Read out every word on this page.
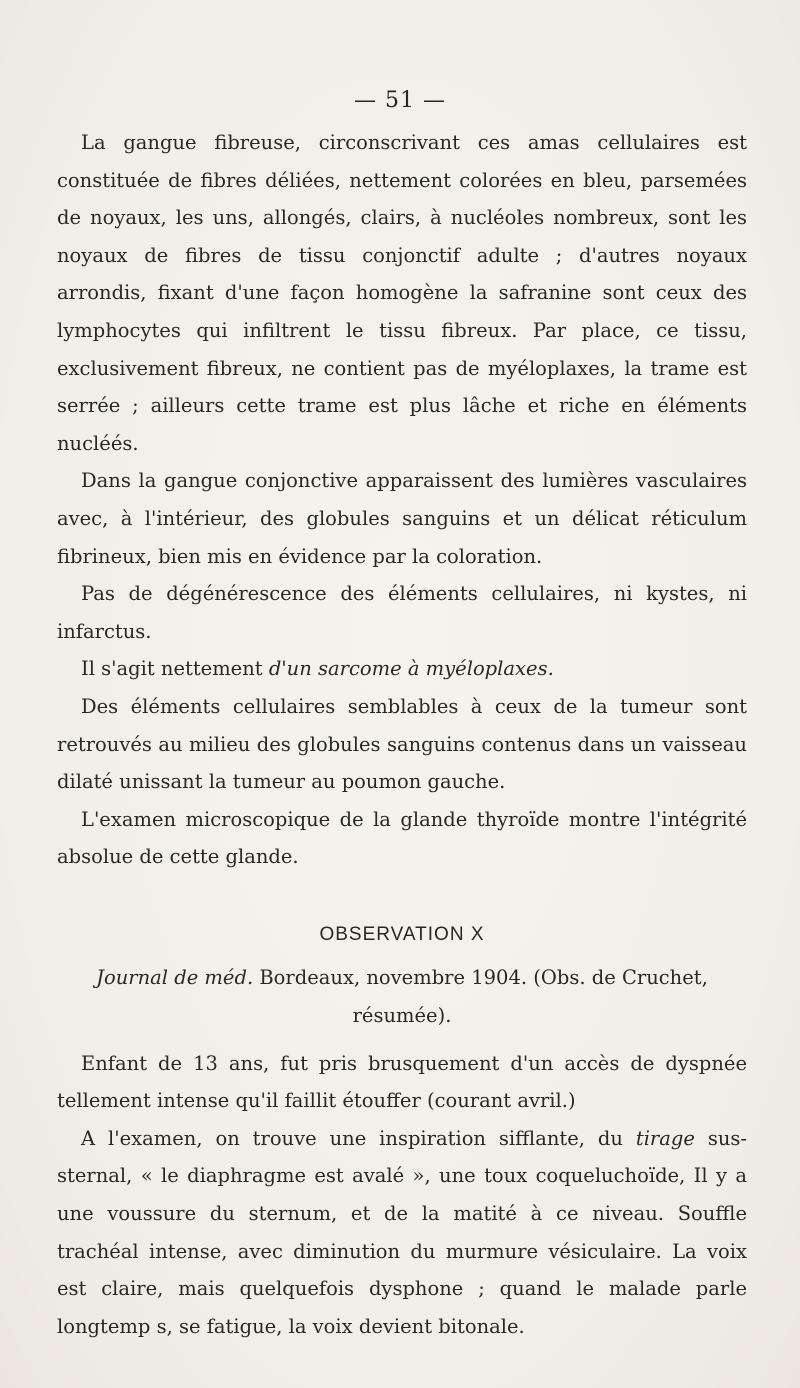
— 51 —

La gangue fibreuse, circonscrivant ces amas cellulaires est constituée de fibres déliées, nettement colorées en bleu, parsemées de noyaux, les uns, allongés, clairs, à nucléoles nombreux, sont les noyaux de fibres de tissu conjonctif adulte ; d'autres noyaux arrondis, fixant d'une façon homogène la safranine sont ceux des lymphocytes qui infiltrent le tissu fibreux. Par place, ce tissu, exclusivement fibreux, ne contient pas de myéloplaxes, la trame est serrée ; ailleurs cette trame est plus lâche et riche en éléments nucléés.

Dans la gangue conjonctive apparaissent des lumières vasculaires avec, à l'intérieur, des globules sanguins et un délicat réticulum fibrineux, bien mis en évidence par la coloration.

Pas de dégénérescence des éléments cellulaires, ni kystes, ni infarctus.

Il s'agit nettement d'un sarcome à myéloplaxes.

Des éléments cellulaires semblables à ceux de la tumeur sont retrouvés au milieu des globules sanguins contenus dans un vaisseau dilaté unissant la tumeur au poumon gauche.

L'examen microscopique de la glande thyroïde montre l'intégrité absolue de cette glande.

OBSERVATION X

Journal de méd. Bordeaux, novembre 1904. (Obs. de Cruchet, résumée).

Enfant de 13 ans, fut pris brusquement d'un accès de dyspnée tellement intense qu'il faillit étouffer (courant avril.)

A l'examen, on trouve une inspiration sifflante, du tirage sus-sternal, « le diaphragme est avalé », une toux coqueluchoïde, Il y a une voussure du sternum, et de la matité à ce niveau. Souffle trachéal intense, avec diminution du murmure vésiculaire. La voix est claire, mais quelquefois dysphone ; quand le malade parle longtemp s, se fatigue, la voix devient bitonale.
